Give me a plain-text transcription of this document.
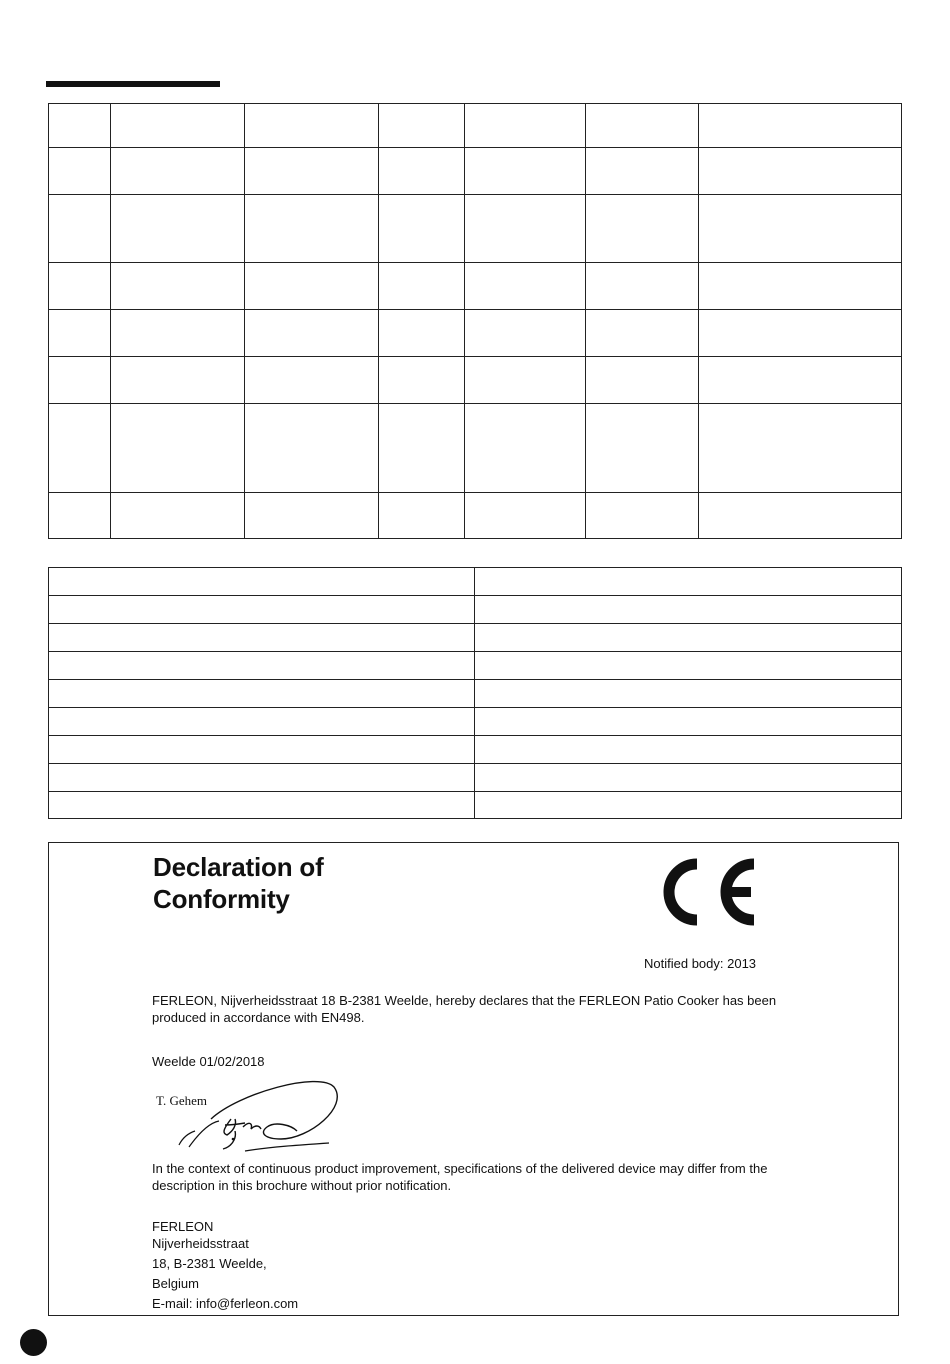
Declaration of
Conformity
Notified body: 2013
FERLEON, Nijverheidsstraat 18 B-2381 Weelde, hereby declares that the FERLEON Patio Cooker has been
produced in accordance with EN498.
Weelde 01/02/2018
T. Gehem
In the context of continuous product improvement, specifications of the delivered device may differ from the
description in this brochure without prior notification.
FERLEON
Nijverheidsstraat
18, B-2381 Weelde,
Belgium
E-mail: info@ferleon.com
